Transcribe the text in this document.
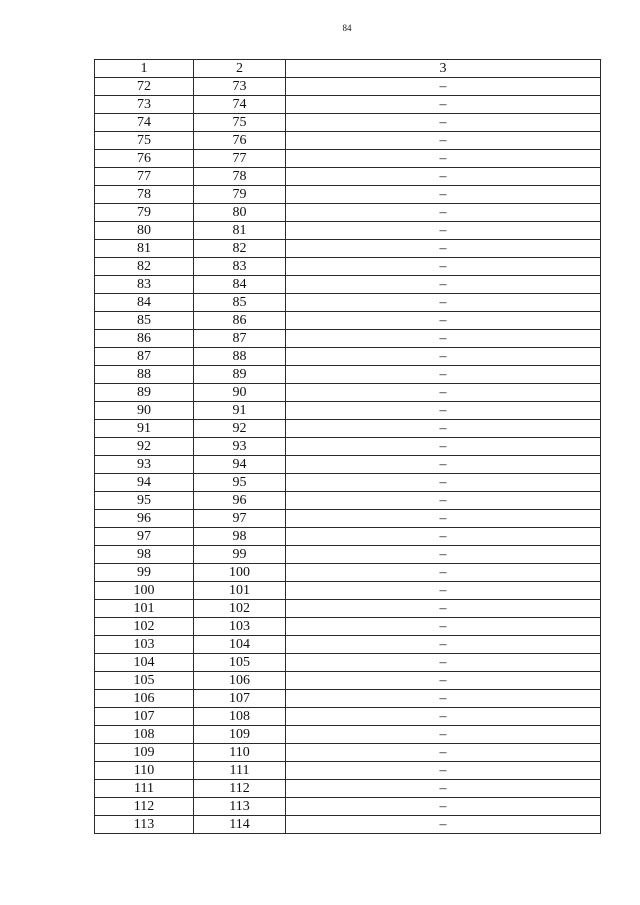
84
1	2	3
72	73	–
73	74	–
74	75	–
75	76	–
76	77	–
77	78	–
78	79	–
79	80	–
80	81	–
81	82	–
82	83	–
83	84	–
84	85	–
85	86	–
86	87	–
87	88	–
88	89	–
89	90	–
90	91	–
91	92	–
92	93	–
93	94	–
94	95	–
95	96	–
96	97	–
97	98	–
98	99	–
99	100	–
100	101	–
101	102	–
102	103	–
103	104	–
104	105	–
105	106	–
106	107	–
107	108	–
108	109	–
109	110	–
110	111	–
111	112	–
112	113	–
113	114	–
